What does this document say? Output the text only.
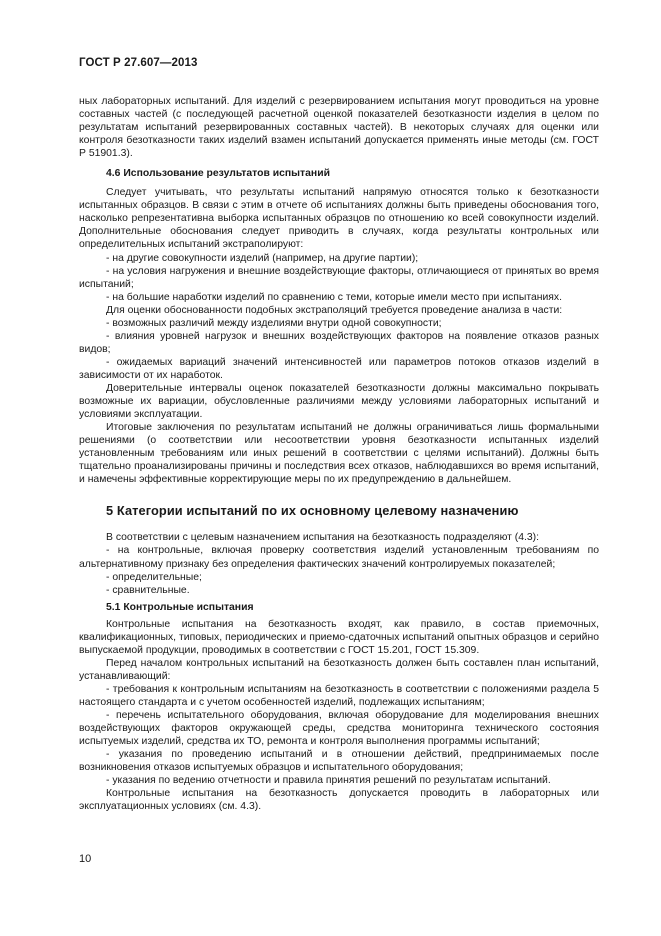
ГОСТ Р 27.607—2013

ных лабораторных испытаний. Для изделий с резервированием испытания могут проводиться на уровне составных частей (с последующей расчетной оценкой показателей безотказности изделия в целом по результатам испытаний резервированных составных частей). В некоторых случаях для оценки или контроля безотказности таких изделий взамен испытаний допускается применять иные методы (см. ГОСТ Р 51901.3).

4.6 Использование результатов испытаний

Следует учитывать, что результаты испытаний напрямую относятся только к безотказности испытанных образцов. В связи с этим в отчете об испытаниях должны быть приведены обоснования того, насколько репрезентативна выборка испытанных образцов по отношению ко всей совокупности изделий. Дополнительные обоснования следует приводить в случаях, когда результаты контрольных или определительных испытаний экстраполируют:

- на другие совокупности изделий (например, на другие партии);

- на условия нагружения и внешние воздействующие факторы, отличающиеся от принятых во время испытаний;

- на большие наработки изделий по сравнению с теми, которые имели место при испытаниях.

Для оценки обоснованности подобных экстраполяций требуется проведение анализа в части:

- возможных различий между изделиями внутри одной совокупности;

- влияния уровней нагрузок и внешних воздействующих факторов на появление отказов разных видов;

- ожидаемых вариаций значений интенсивностей или параметров потоков отказов изделий в зависимости от их наработок.

Доверительные интервалы оценок показателей безотказности должны максимально покрывать возможные их вариации, обусловленные различиями между условиями лабораторных испытаний и условиями эксплуатации.

Итоговые заключения по результатам испытаний не должны ограничиваться лишь формальными решениями (о соответствии или несоответствии уровня безотказности испытанных изделий установленным требованиям или иных решений в соответствии с целями испытаний). Должны быть тщательно проанализированы причины и последствия всех отказов, наблюдавшихся во время испытаний, и намечены эффективные корректирующие меры по их предупреждению в дальнейшем.

5 Категории испытаний по их основному целевому назначению

В соответствии с целевым назначением испытания на безотказность подразделяют (4.3):

- на контрольные, включая проверку соответствия изделий установленным требованиям по альтернативному признаку без определения фактических значений контролируемых показателей;

- определительные;

- сравнительные.

5.1 Контрольные испытания

Контрольные испытания на безотказность входят, как правило, в состав приемочных, квалификационных, типовых, периодических и приемо-сдаточных испытаний опытных образцов и серийно выпускаемой продукции, проводимых в соответствии с ГОСТ 15.201, ГОСТ 15.309.

Перед началом контрольных испытаний на безотказность должен быть составлен план испытаний, устанавливающий:

- требования к контрольным испытаниям на безотказность в соответствии с положениями раздела 5 настоящего стандарта и с учетом особенностей изделий, подлежащих испытаниям;

- перечень испытательного оборудования, включая оборудование для моделирования внешних воздействующих факторов окружающей среды, средства мониторинга технического состояния испытуемых изделий, средства их ТО, ремонта и контроля выполнения программы испытаний;

- указания по проведению испытаний и в отношении действий, предпринимаемых после возникновения отказов испытуемых образцов и испытательного оборудования;

- указания по ведению отчетности и правила принятия решений по результатам испытаний.

Контрольные испытания на безотказность допускается проводить в лабораторных или эксплуатационных условиях (см. 4.3).

10
